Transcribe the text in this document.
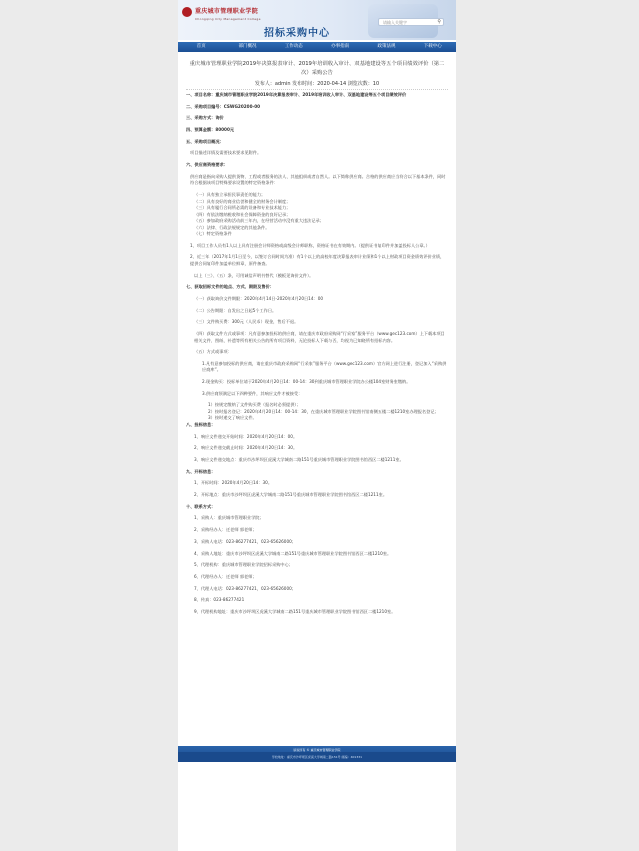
重庆城市管理职业学院
Chongqing City Management College
招标采购中心
请输入关键字	⚲
首页	部门概况	工作动态	办事指南	政策法规	下载中心
重庆城市管理职业学院2019年决算报表审计、2019年培训收入审计、双基地建设等五个项目绩效评价（第二次）采购公告
发布人：admin 发布时间：2020-04-14 浏览次数：10

一、项目名称：重庆城市管理职业学院2019年决算报表审计、2019年培训收入审计、双基地建设等五个项目绩效评价

二、采购项目编号：CSWG20200-00

三、采购方式：询价

四、预算金额：80000元

五、采购项目概况：

项目描述详情及需要技术要求见附件。

六、供应商资格要求：

供应商是指向采购人提供货物、工程或者服务的法人、其他组织或者自然人。以下简称供应商。合格的供应商应当符合以下基本条件，同时符合根据该项目特殊要求设置的特定资格条件：

（一）具有独立承担民事责任的能力；

（二）具有良好的商业信誉和健全的财务会计制度；

（三）具有履行合同所必需的设备和专业技术能力；

（四）有依法缴纳税收和社会保障资金的良好记录；

（五）参加政府采购活动前三年内，在经营活动中没有重大违法记录；

（六）法律、行政法规规定的其他条件。

（七）特定资格条件

1、项目工作人员有1人以上具有注册会计师资格或高级会计师职称，资格证书在有效期内。（提供证书复印件并加盖投标人公章。）

2、近三年（2017年1月1日至今，以签订合同时间为准）有1个以上的高校年度决算报表审计业绩和1个以上财政项目资金绩效评价业绩，提供合同复印件加盖单位鲜章，原件备查。

以上（三）、（五）条，可用诚信声明书替代（模板见询价文件）。

七、获取招标文件的地点、方式、期限及售价：

（一）获取询价文件期限：2020年4月14日-2020年4月20日14：00

（二）公告期限：自发出之日起5个工作日。

（三）文件购买费：300元（人民币）现金，售后不退。

（四）获取文件方式或事项：凡有意参加投标的供应商，请在重庆市政府采购网“行采家”服务平台（www.gec123.com）上下载本项目相关文件、图纸、补遗等所有相关公告的所有项目资料，无论投标人下载与否，均视为已知晓所有招标内容。

（五）方式或事项：

1.凡有意参加投标的供应商，请在重庆市政府采购网“行采家”服务平台（www.gec123.com）官方网上进行注册，登记加入“采购供应商库”。

2.现金购买：投标单位请于2020年4月20日14：00-14：30到重庆城市管理职业学院办公楼104室财务室缴纳。

3.供应商须满足以下四种要件，其响应文件才被接受：

1）按规定缴纳了文件购买费（报名时必须提供）；

2）按时报名登记：2020年4月20日14：00-14：30，在重庆城市管理职业学院图书馆南侧五楼二楼1210室办理报名登记；

3）按时递交了响应文件。

八、投标信息：

1、响应文件递交开始时间：2020年4月20日14：00。

2、响应文件递交截止时间：2020年4月20日14：30。

3、响应文件递交地点：重庆市沙坪坝区虎溪大学城南二路151号重庆城市管理职业学院图书馆西区二楼1211室。

九、开标信息：

1、开标时间：2020年4月20日14：30。

2、开标地点：重庆市沙坪坝区虎溪大学城南二路151号重庆城市管理职业学院图书馆西区二楼1211室。

十、联系方式：

1、采购人：重庆城市管理职业学院；

2、采购经办人：迁老师 郭老师；

3、采购人电话：023-86277421，023-65626000；

4、采购人地址：重庆市沙坪坝区虎溪大学城南二路151号重庆城市管理职业学院图书馆西区二楼1210室。

5、代理机构：重庆城市管理职业学院招标采购中心；

6、代理经办人：迁老师 郭老师；

7、代理人电话：023-86277421，023-65626000；

8、传真：023-86277421

9、代理机构地址：重庆市沙坪坝区虎溪大学城南二路151号重庆城市管理职业学院图书馆西区二楼1210室。

版权所有 © 重庆城市管理职业学院
学校地址：重庆市沙坪坝区虎溪大学城南二路151号 邮编：401331
